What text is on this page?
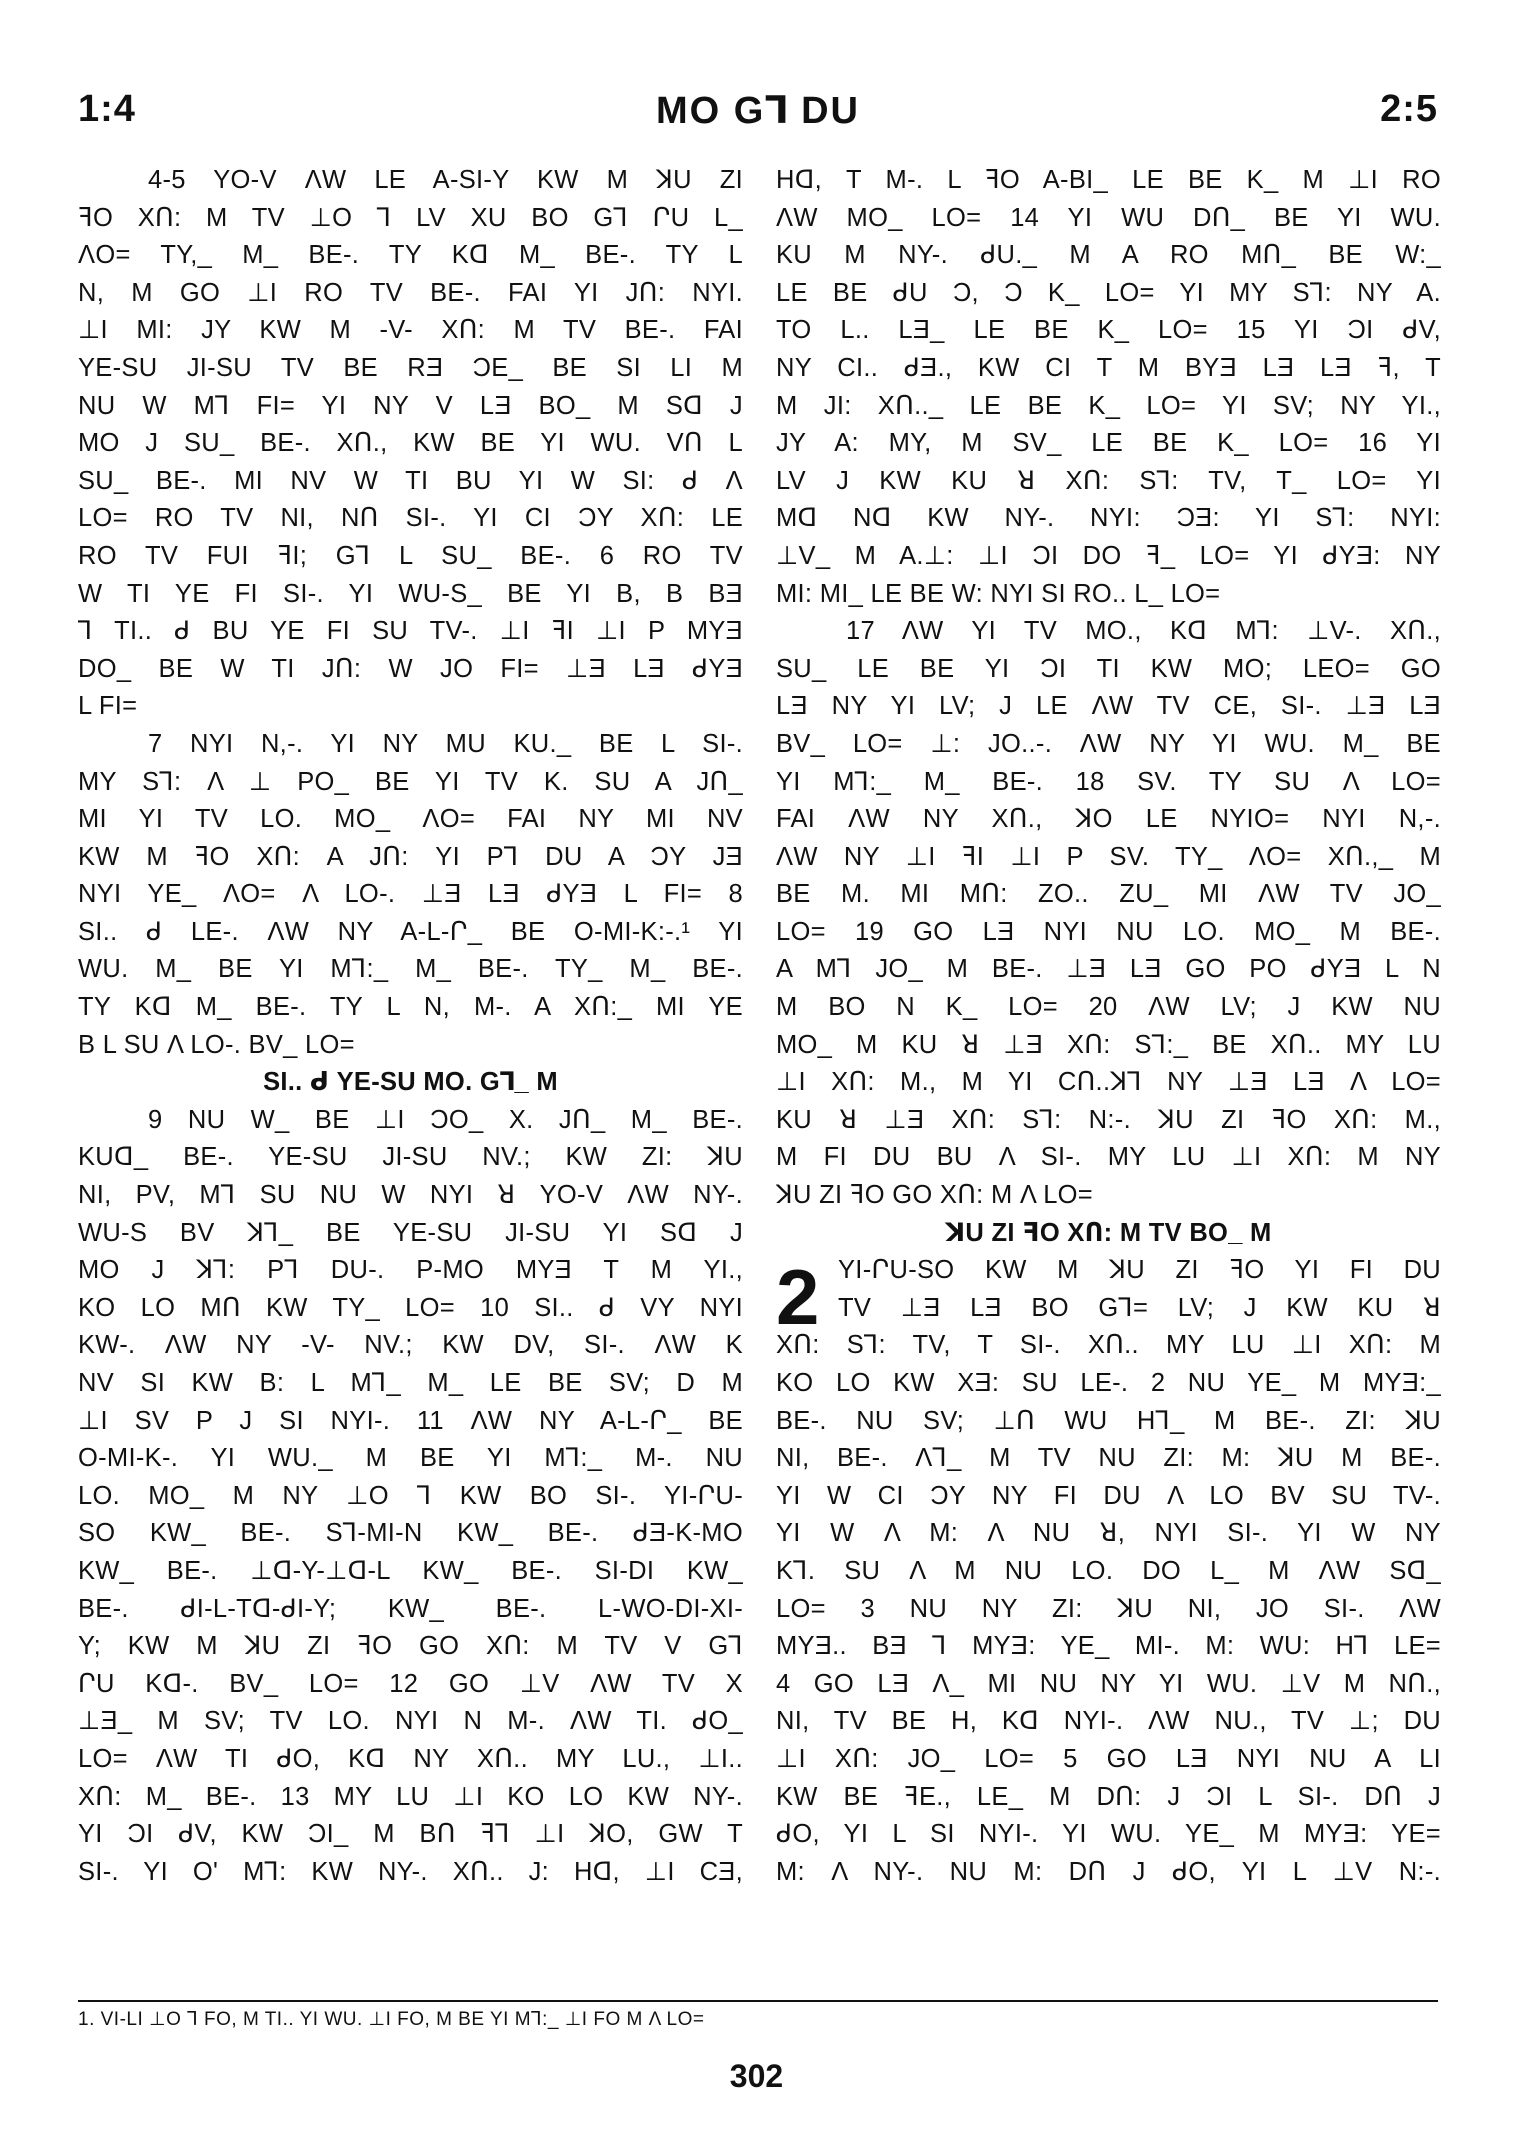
1:4	MO G⅂ DU	2:5
4-5 YO-V ΛW LE A-SI-Y KW M ꓘU ZI
ꟻO XՈ: M TV ⊥O ⅂ LV XU BO G⅂ ՐU L_
ΛO= TY,_ M_ BE-. TY Kᗡ M_ BE-. TY L
N, M GO ⊥I RO TV BE-. FAI YI JՈ: NYI.
⊥I MI: JY KW M -V- XՈ: M TV BE-. FAI
YE-SU JI-SU TV BE RƎ ƆE_ BE SI LI M
NU W M⅂ FI= YI NY V LƎ BO_ M Sᗡ J
MO J SU_ BE-. XՈ., KW BE YI WU. VՈ L
SU_ BE-. MI NV W TI BU YI W SI: ᑯ Λ
LO= RO TV NI, NՈ SI-. YI CI ƆY XՈ: LE
RO TV FUI ꟻI; G⅂ L SU_ BE-. 6 RO TV
W TI YE FI SI-. YI WU-S_ BE YI B, B BƎ
⅂ TI.. ᑯ BU YE FI SU TV-. ⊥I ꟻI ⊥I P MYƎ
DO_ BE W TI JՈ: W JO FI= ⊥Ǝ LƎ ᑯYƎ
L FI=
7 NYI N,-. YI NY MU KU._ BE L SI-.
MY S⅂: Λ ⊥ PO_ BE YI TV K. SU A JՈ_
MI YI TV LO. MO_ ΛO= FAI NY MI NV
KW M ꟻO XՈ: A JՈ: YI P⅂ DU A ƆY JƎ
NYI YE_ ΛO= Λ LO-. ⊥Ǝ LƎ ᑯYƎ L FI= 8
SI.. ᑯ LE-. ΛW NY A-L-Ր_ BE O-MI-K:-.¹ YI
WU. M_ BE YI M⅂:_ M_ BE-. TY_ M_ BE-.
TY Kᗡ M_ BE-. TY L N, M-. A XՈ:_ MI YE
B L SU Λ LO-. BV_ LO=
SI.. ᑯ YE-SU MO. G⅂_ M
9 NU W_ BE ⊥I ƆO_ X. JՈ_ M_ BE-.
KUᗡ_ BE-. YE-SU JI-SU NV.; KW ZI: ꓘU
NI, PV, M⅂ SU NU W NYI ꓤ YO-V ΛW NY-.
WU-S BV ꓘ⅂_ BE YE-SU JI-SU YI Sᗡ J
MO J ꓘ⅂: P⅂ DU-. P-MO MYƎ T M YI.,
KO LO MՈ KW TY_ LO= 10 SI.. ᑯ VY NYI
KW-. ΛW NY -V- NV.; KW DV, SI-. ΛW K
NV SI KW B: L M⅂_ M_ LE BE SV; D M
⊥I SV P J SI NYI-. 11 ΛW NY A-L-Ր_ BE
O-MI-K-. YI WU._ M BE YI M⅂:_ M-. NU
LO. MO_ M NY ⊥O ⅂ KW BO SI-. YI-ՐU-
SO KW_ BE-. S⅂-MI-N KW_ BE-. ᑯƎ-K-MO
KW_ BE-. ⊥ᗡ-Y-⊥ᗡ-L KW_ BE-. SI-DI KW_
BE-. ᑯI-L-Tᗡ-ᑯI-Y; KW_ BE-. L-WO-DI-XI-
Y; KW M ꓘU ZI ꟻO GO XՈ: M TV V G⅂
ՐU Kᗡ-. BV_ LO= 12 GO ⊥V ΛW TV X
⊥Ǝ_ M SV; TV LO. NYI N M-. ΛW TI. ᑯO_
LO= ΛW TI ᑯO, Kᗡ NY XՈ.. MY LU., ⊥I..
XՈ: M_ BE-. 13 MY LU ⊥I KO LO KW NY-.
YI ƆI ᑯV, KW ƆI_ M BՈ ꟻ⅂ ⊥I ꓘO, GW T
SI-. YI O' M⅂: KW NY-. XՈ.. J: Hᗡ, ⊥I CƎ,
Hᗡ, T M-. L ꟻO A-BI_ LE BE K_ M ⊥I RO
ΛW MO_ LO= 14 YI WU DՈ_ BE YI WU.
KU M NY-. ᑯU._ M A RO MՈ_ BE W:_
LE BE ᑯU Ɔ, Ɔ K_ LO= YI MY S⅂: NY A.
TO L.. LƎ_ LE BE K_ LO= 15 YI ƆI ᑯV,
NY CI.. ᑯƎ., KW CI T M BYƎ LƎ LƎ ꟻ, T
M JI: XՈ.._ LE BE K_ LO= YI SV; NY YI.,
JY A: MY, M SV_ LE BE K_ LO= 16 YI
LV J KW KU ꓤ XՈ: S⅂: TV, T_ LO= YI
Mᗡ Nᗡ KW NY-. NYI: ƆƎ: YI S⅂: NYI:
⊥V_ M A.⊥: ⊥I ƆI DO ꟻ_ LO= YI ᑯYƎ: NY
MI: MI_ LE BE W: NYI SI RO.. L_ LO=
17 ΛW YI TV MO., Kᗡ M⅂: ⊥V-. XՈ.,
SU_ LE BE YI ƆI TI KW MO; LEO= GO
LƎ NY YI LV; J LE ΛW TV CE, SI-. ⊥Ǝ LƎ
BV_ LO= ⊥: JO..-. ΛW NY YI WU. M_ BE
YI M⅂:_ M_ BE-. 18 SV. TY SU Λ LO=
FAI ΛW NY XՈ., ꓘO LE NYIO= NYI N,-.
ΛW NY ⊥I ꟻI ⊥I P SV. TY_ ΛO= XՈ.,_ M
BE M. MI MՈ: ZO.. ZU_ MI ΛW TV JO_
LO= 19 GO LƎ NYI NU LO. MO_ M BE-.
A M⅂ JO_ M BE-. ⊥Ǝ LƎ GO PO ᑯYƎ L N
M BO N K_ LO= 20 ΛW LV; J KW NU
MO_ M KU ꓤ ⊥Ǝ XՈ: S⅂:_ BE XՈ.. MY LU
⊥I XՈ: M., M YI CՈ..ꓘ⅂ NY ⊥Ǝ LƎ Λ LO=
KU ꓤ ⊥Ǝ XՈ: S⅂: N:-. ꓘU ZI ꟻO XՈ: M.,
M FI DU BU Λ SI-. MY LU ⊥I XՈ: M NY
ꓘU ZI ꟻO GO XՈ: M Λ LO=
ꓘU ZI ꟻO XՈ: M TV BO_ M
2 YI-ՐU-SO KW M ꓘU ZI ꟻO YI FI DU
TV ⊥Ǝ LƎ BO G⅂= LV; J KW KU ꓤ
XՈ: S⅂: TV, T SI-. XՈ.. MY LU ⊥I XՈ: M
KO LO KW XƎ: SU LE-. 2 NU YE_ M MYƎ:_
BE-. NU SV; ⊥Ո WU H⅂_ M BE-. ZI: ꓘU
NI, BE-. Λ⅂_ M TV NU ZI: M: ꓘU M BE-.
YI W CI ƆY NY FI DU Λ LO BV SU TV-.
YI W Λ M: Λ NU ꓤ, NYI SI-. YI W NY
K⅂. SU Λ M NU LO. DO L_ M ΛW Sᗡ_
LO= 3 NU NY ZI: ꓘU NI, JO SI-. ΛW
MYƎ.. BƎ ⅂ MYƎ: YE_ MI-. M: WU: H⅂ LE=
4 GO LƎ Λ_ MI NU NY YI WU. ⊥V M NՈ.,
NI, TV BE H, Kᗡ NYI-. ΛW NU., TV ⊥; DU
⊥I XՈ: JO_ LO= 5 GO LƎ NYI NU A LI
KW BE ꟻE., LE_ M DՈ: J ƆI L SI-. DՈ J
ᑯO, YI L SI NYI-. YI WU. YE_ M MYƎ: YE=
M: Λ NY-. NU M: DՈ J ᑯO, YI L ⊥V N:-.
1. VI-LI ⊥O ⅂ FO, M TI.. YI WU. ⊥I FO, M BE YI M⅂:_ ⊥I FO M Λ LO=
302
